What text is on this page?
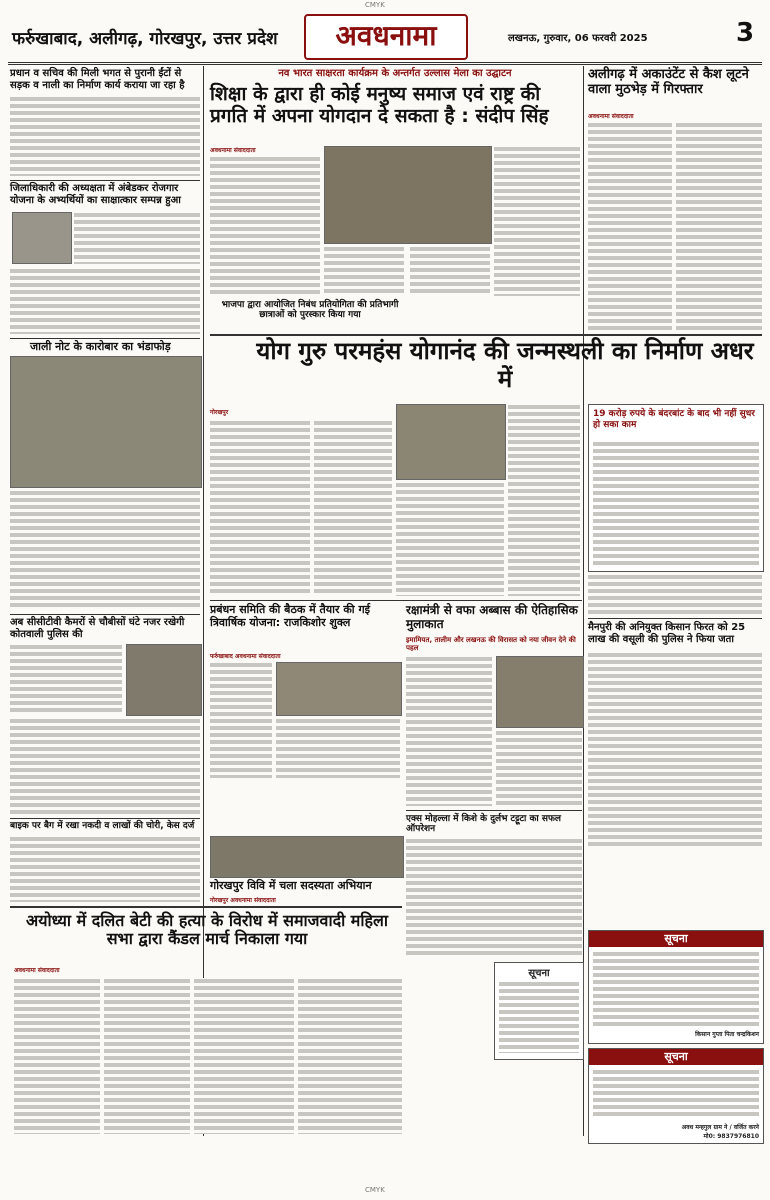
CMYK
फर्रुखाबाद, अलीगढ़, गोरखपुर, उत्तर प्रदेश	अवधनामा	लखनऊ, गुरुवार, 06 फरवरी 2025	3
प्रधान व सचिव की मिली भगत से पुरानी ईंटों से सड़क व नाली का निर्माण कार्य कराया जा रहा है
जिलाधिकारी की अध्यक्षता में अंबेडकर रोजगार योजना के अभ्यर्थियों का साक्षात्कार सम्पन्न हुआ
जाली नोट के कारोबार का भंडाफोड़
अब सीसीटीवी कैमरों से चौबीसों घंटे नजर रखेगी कोतवाली पुलिस की
बाइक पर बैग में रखा नकदी व लाखों की चोरी, केस दर्ज
नव भारत साक्षरता कार्यक्रम के अन्तर्गत उल्लास मेला का उद्घाटन
शिक्षा के द्वारा ही कोई मनुष्य समाज एवं राष्ट्र की प्रगति में अपना योगदान दे सकता है : संदीप सिंह
अवधनामा संवाददाता
भाजपा द्वारा आयोजित निबंध प्रतियोगिता की प्रतिभागी छात्राओं को पुरस्कार किया गया
अलीगढ़ में अकाउंटेंट से कैश लूटने वाला मुठभेड़ में गिरफ्तार
अवधनामा संवाददाता
योग गुरु परमहंस योगानंद की जन्मस्थली का निर्माण अधर में
गोरखपुर	19 करोड़ रुपये के बंदरबांट के बाद भी नहीं सुधर हो सका काम
प्रबंधन समिति की बैठक में तैयार की गई त्रिवार्षिक योजना: राजकिशोर शुक्ल
फर्रुखाबाद अवधनामा संवाददाता
रक्षामंत्री से वफा अब्बास की ऐतिहासिक मुलाकात
इमामियत, तालीम और लखनऊ की विरासत को नया जीवन देने की पहल
मैनपुरी की अनियुक्त किसान फिरत को 25 लाख की वसूली की पुलिस ने फिया जता
एक्स मोहल्ला में किशे के दुर्लभ टट्टूटा का सफल ऑपरेशन
सूचना
अयोध्या में दलित बेटी की हत्या के विरोध में समाजवादी महिला सभा द्वारा कैंडल मार्च निकाला गया
अवधनामा संवाददाता
गोरखपुर विवि में चला सदस्यता अभियान
गोरखपुर अवधनामा संवाददाता
सूचना
किसान गुप्ता पिता चन्द्रकिशन
सूचना
अवध मन्हगुल ग्राम ने / वर्जित करने
मो0: 9837976810
CMYK
